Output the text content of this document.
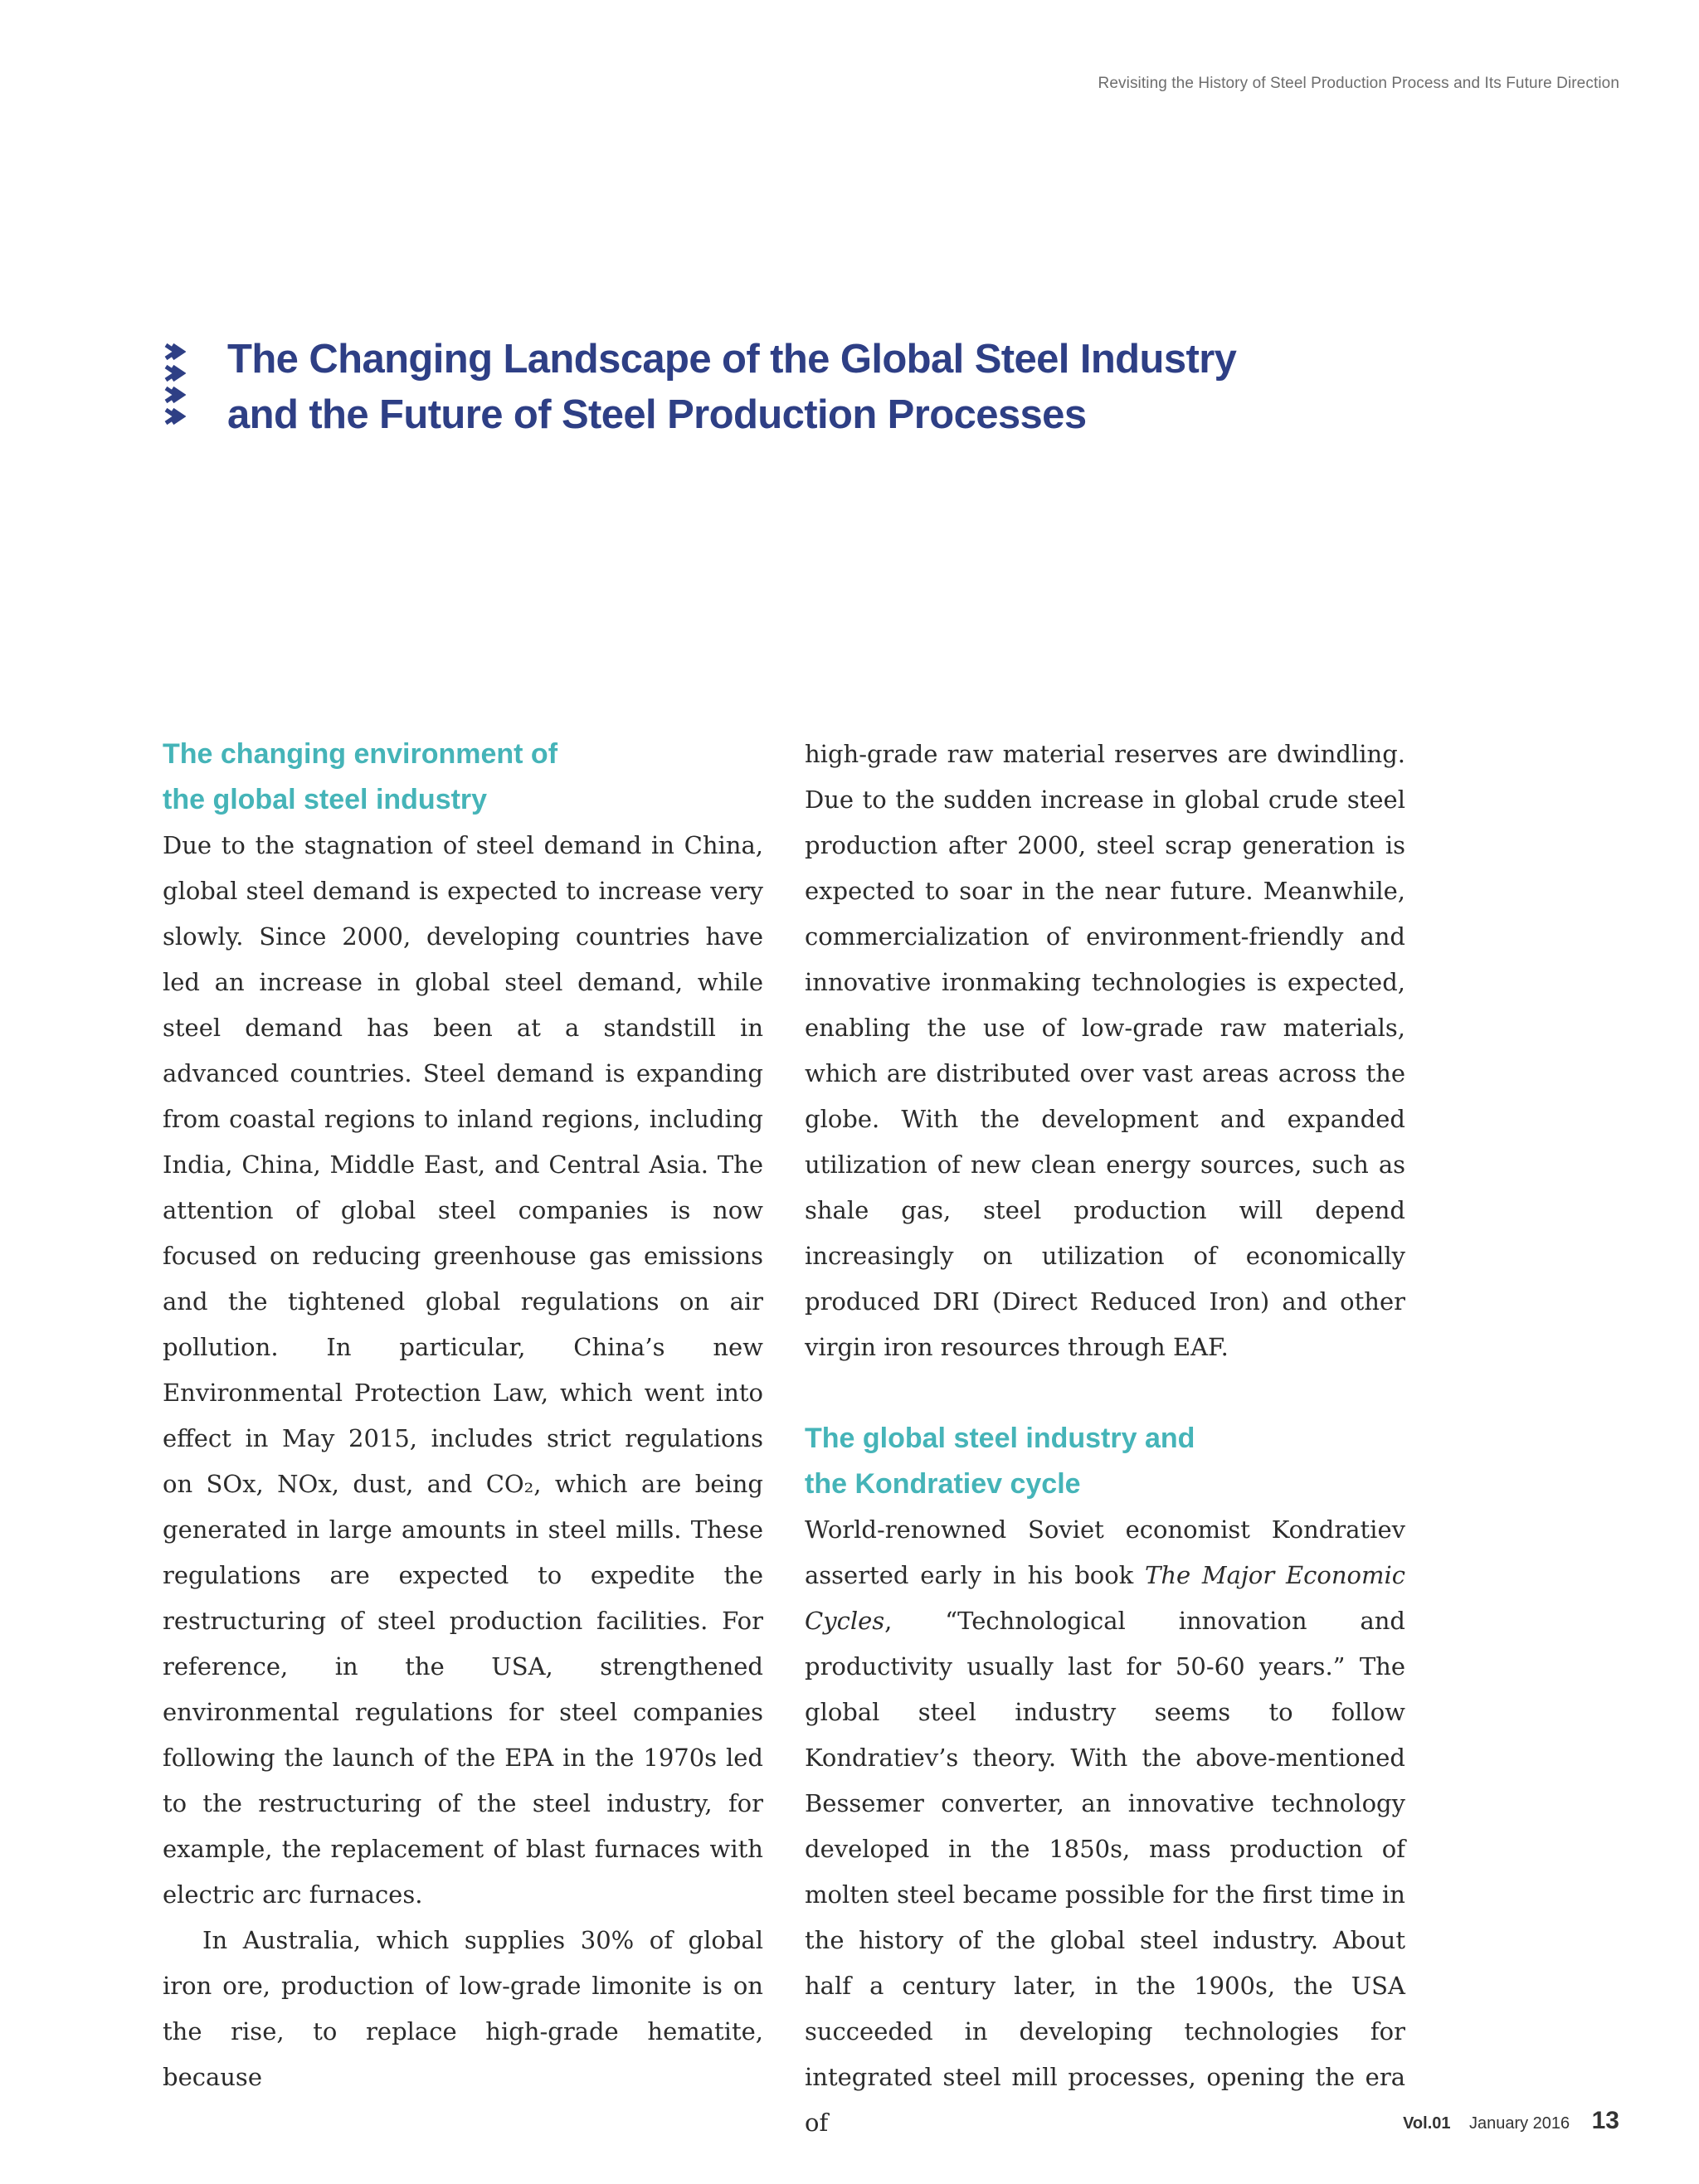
Revisiting the History of Steel Production Process and Its Future Direction
The Changing Landscape of the Global Steel Industry
and the Future of Steel Production Processes
The changing environment of
the global steel industry

Due to the stagnation of steel demand in China, global steel demand is expected to increase very slowly. Since 2000, developing countries have led an increase in global steel demand, while steel demand has been at a standstill in advanced countries. Steel demand is expanding from coastal regions to inland regions, including India, China, Middle East, and Central Asia. The attention of global steel companies is now focused on reducing greenhouse gas emissions and the tightened global regulations on air pollution. In particular, China’s new Environmental Protection Law, which went into effect in May 2015, includes strict regulations on SOx, NOx, dust, and CO₂, which are being generated in large amounts in steel mills. These regulations are expected to expedite the restructuring of steel production facilities. For reference, in the USA, strengthened environmental regulations for steel companies following the launch of the EPA in the 1970s led to the restructuring of the steel industry, for example, the replacement of blast furnaces with electric arc furnaces.

In Australia, which supplies 30% of global iron ore, production of low-grade limonite is on the rise, to replace high-grade hematite, because

high-grade raw material reserves are dwindling. Due to the sudden increase in global crude steel production after 2000, steel scrap generation is expected to soar in the near future. Meanwhile, commercialization of environment-friendly and innovative ironmaking technologies is expected, enabling the use of low-grade raw materials, which are distributed over vast areas across the globe. With the development and expanded utilization of new clean energy sources, such as shale gas, steel production will depend increasingly on utilization of economically produced DRI (Direct Reduced Iron) and other virgin iron resources through EAF.

The global steel industry and
the Kondratiev cycle

World-renowned Soviet economist Kondratiev asserted early in his book The Major Economic Cycles, “Technological innovation and productivity usually last for 50-60 years.” The global steel industry seems to follow Kondratiev’s theory. With the above-mentioned Bessemer converter, an innovative technology developed in the 1850s, mass production of molten steel became possible for the first time in the history of the global steel industry. About half a century later, in the 1900s, the USA succeeded in developing technologies for integrated steel mill processes, opening the era of	Vol.01 January 2016 13
